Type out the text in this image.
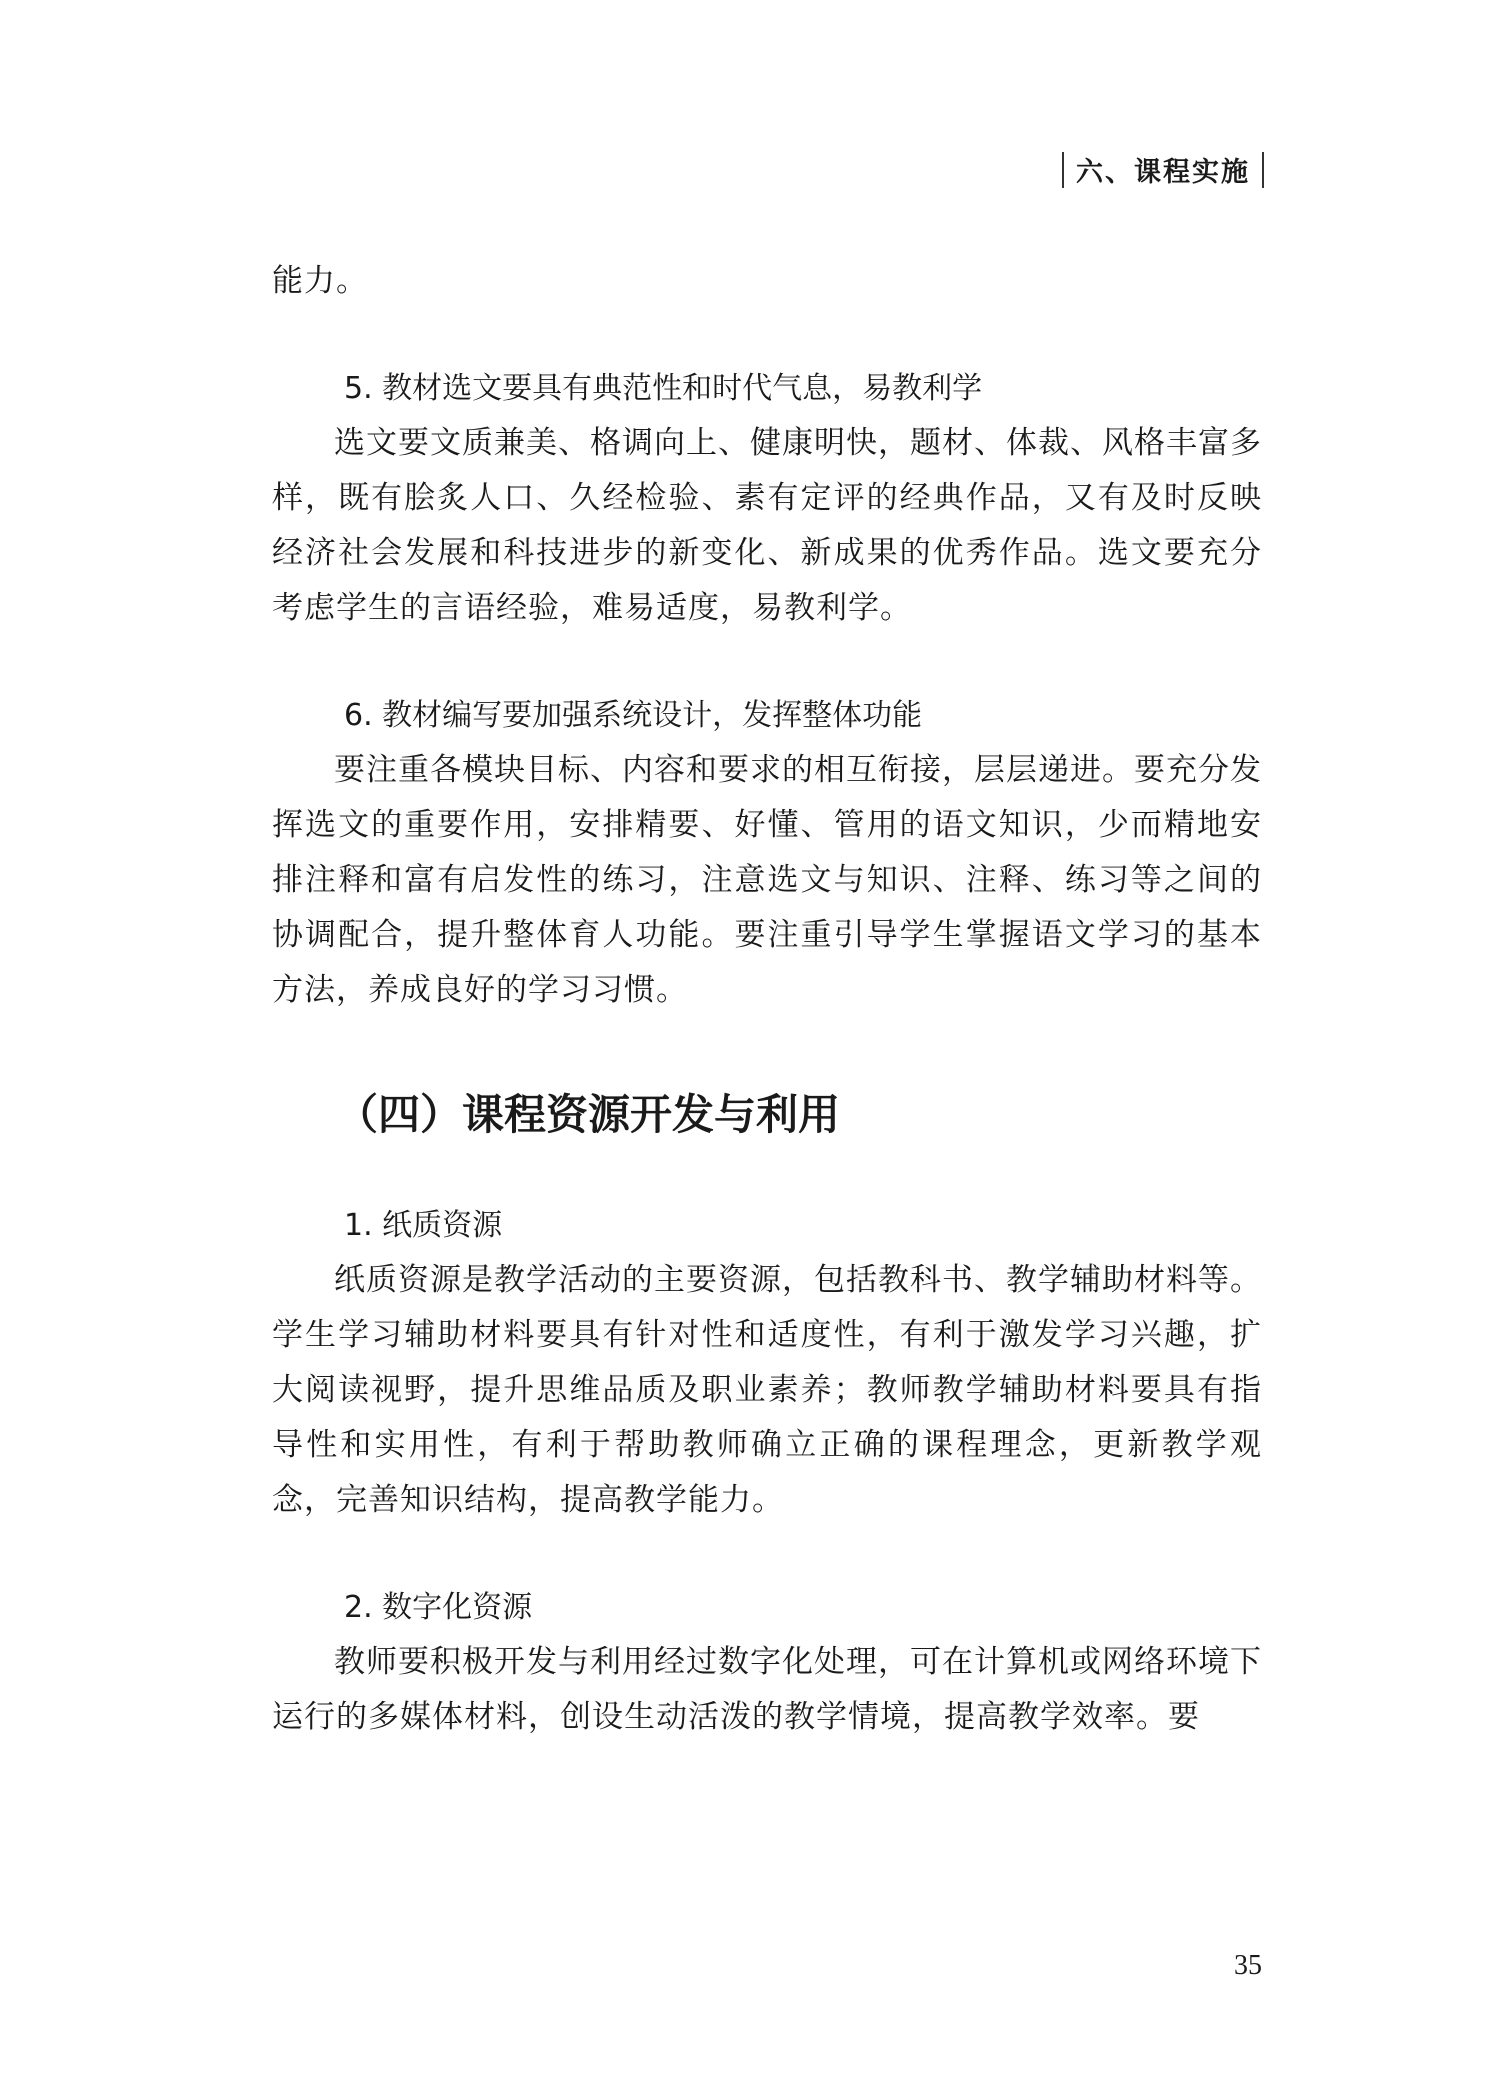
六、课程实施

能力。

5. 教材选文要具有典范性和时代气息，易教利学

选文要文质兼美、格调向上、健康明快，题材、体裁、风格丰富多样，既有脍炙人口、久经检验、素有定评的经典作品，又有及时反映经济社会发展和科技进步的新变化、新成果的优秀作品。选文要充分考虑学生的言语经验，难易适度，易教利学。

6. 教材编写要加强系统设计，发挥整体功能

要注重各模块目标、内容和要求的相互衔接，层层递进。要充分发挥选文的重要作用，安排精要、好懂、管用的语文知识，少而精地安排注释和富有启发性的练习，注意选文与知识、注释、练习等之间的协调配合，提升整体育人功能。要注重引导学生掌握语文学习的基本方法，养成良好的学习习惯。

（四）课程资源开发与利用

1. 纸质资源

纸质资源是教学活动的主要资源，包括教科书、教学辅助材料等。学生学习辅助材料要具有针对性和适度性，有利于激发学习兴趣，扩大阅读视野，提升思维品质及职业素养；教师教学辅助材料要具有指导性和实用性，有利于帮助教师确立正确的课程理念，更新教学观念，完善知识结构，提高教学能力。

2. 数字化资源

教师要积极开发与利用经过数字化处理，可在计算机或网络环境下运行的多媒体材料，创设生动活泼的教学情境，提高教学效率。要

35
